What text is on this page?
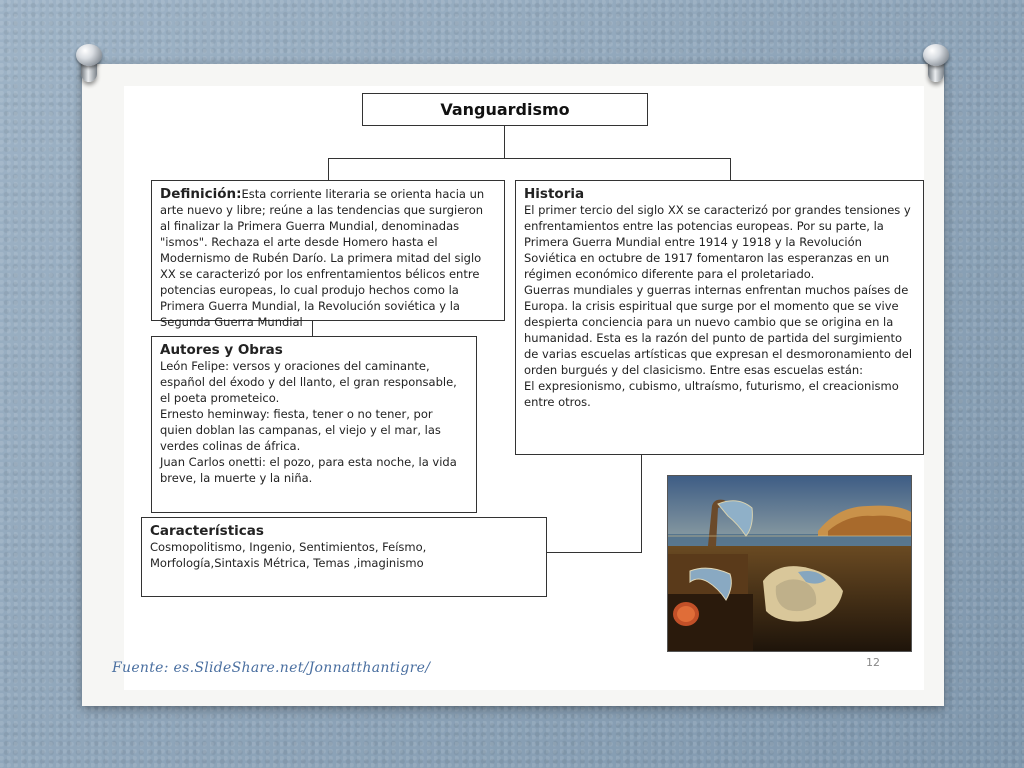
Vanguardismo

Definición:Esta corriente literaria se orienta hacia un arte nuevo y libre; reúne a las tendencias que surgieron al finalizar la Primera Guerra Mundial, denominadas "ismos". Rechaza el arte desde Homero hasta el Modernismo de Rubén Darío. La primera mitad del siglo XX se caracterizó por los enfrentamientos bélicos entre potencias europeas, lo cual produjo hechos como la Primera Guerra Mundial, la Revolución soviética y la Segunda Guerra Mundial

Historia

El primer tercio del siglo XX se caracterizó por grandes tensiones y enfrentamientos entre las potencias europeas. Por su parte, la Primera Guerra Mundial entre 1914 y 1918 y la Revolución Soviética en octubre de 1917 fomentaron las esperanzas en un régimen económico diferente para el proletariado.

Guerras mundiales y guerras internas enfrentan muchos países de Europa. la crisis espiritual que surge por el momento que se vive despierta conciencia para un nuevo cambio que se origina en la humanidad. Esta es la razón del punto de partida del surgimiento de varias escuelas artísticas que expresan el desmoronamiento del orden burgués y del clasicismo. Entre esas escuelas están:

El expresionismo, cubismo, ultraísmo, futurismo, el creacionismo entre otros.

Autores y Obras

León Felipe: versos y oraciones del caminante, español del éxodo y del llanto, el gran responsable, el poeta prometeico.

Ernesto heminway: fiesta, tener o no tener, por quien doblan las campanas, el viejo y el mar, las verdes colinas de áfrica.

Juan Carlos onetti: el pozo, para esta noche, la vida breve, la muerte y la niña.

Características

Cosmopolitismo, Ingenio, Sentimientos, Feísmo, Morfología,Sintaxis Métrica, Temas ,imaginismo

Fuente: es.SlideShare.net/Jonnatthantigre/	12
